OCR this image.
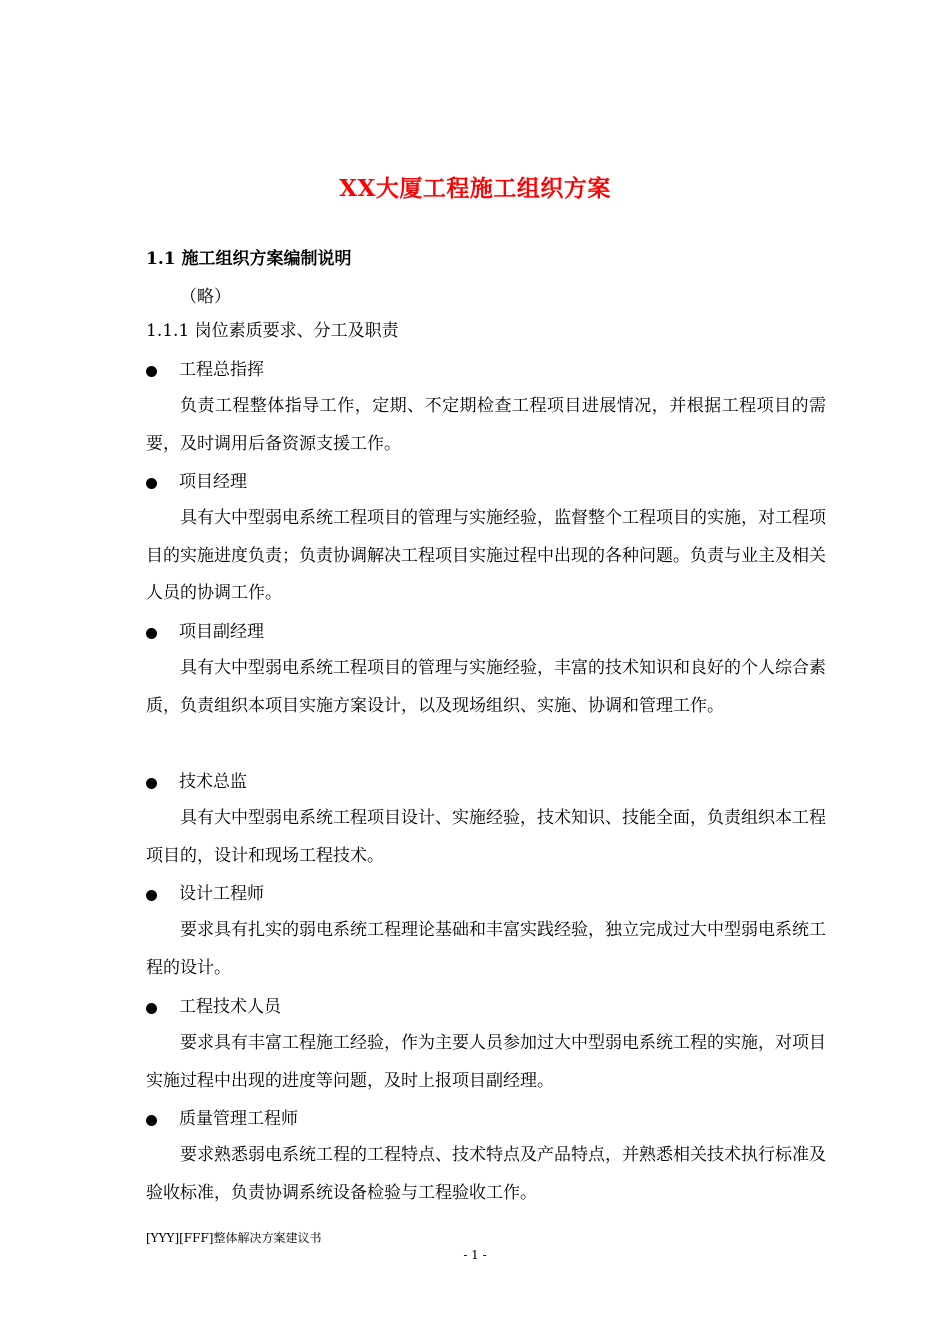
XX大厦工程施工组织方案
1.1 施工组织方案编制说明
（略）
1.1.1 岗位素质要求、分工及职责
工程总指挥
负责工程整体指导工作，定期、不定期检查工程项目进展情况，并根据工程项目的需要，及时调用后备资源支援工作。
项目经理
具有大中型弱电系统工程项目的管理与实施经验，监督整个工程项目的实施，对工程项目的实施进度负责；负责协调解决工程项目实施过程中出现的各种问题。负责与业主及相关人员的协调工作。
项目副经理
具有大中型弱电系统工程项目的管理与实施经验，丰富的技术知识和良好的个人综合素质，负责组织本项目实施方案设计，以及现场组织、实施、协调和管理工作。
技术总监
具有大中型弱电系统工程项目设计、实施经验，技术知识、技能全面，负责组织本工程项目的，设计和现场工程技术。
设计工程师
要求具有扎实的弱电系统工程理论基础和丰富实践经验，独立完成过大中型弱电系统工程的设计。
工程技术人员
要求具有丰富工程施工经验，作为主要人员参加过大中型弱电系统工程的实施，对项目实施过程中出现的进度等问题，及时上报项目副经理。
质量管理工程师
要求熟悉弱电系统工程的工程特点、技术特点及产品特点，并熟悉相关技术执行标准及验收标准，负责协调系统设备检验与工程验收工作。
[YYY][FFF]整体解决方案建议书
- 1 -
